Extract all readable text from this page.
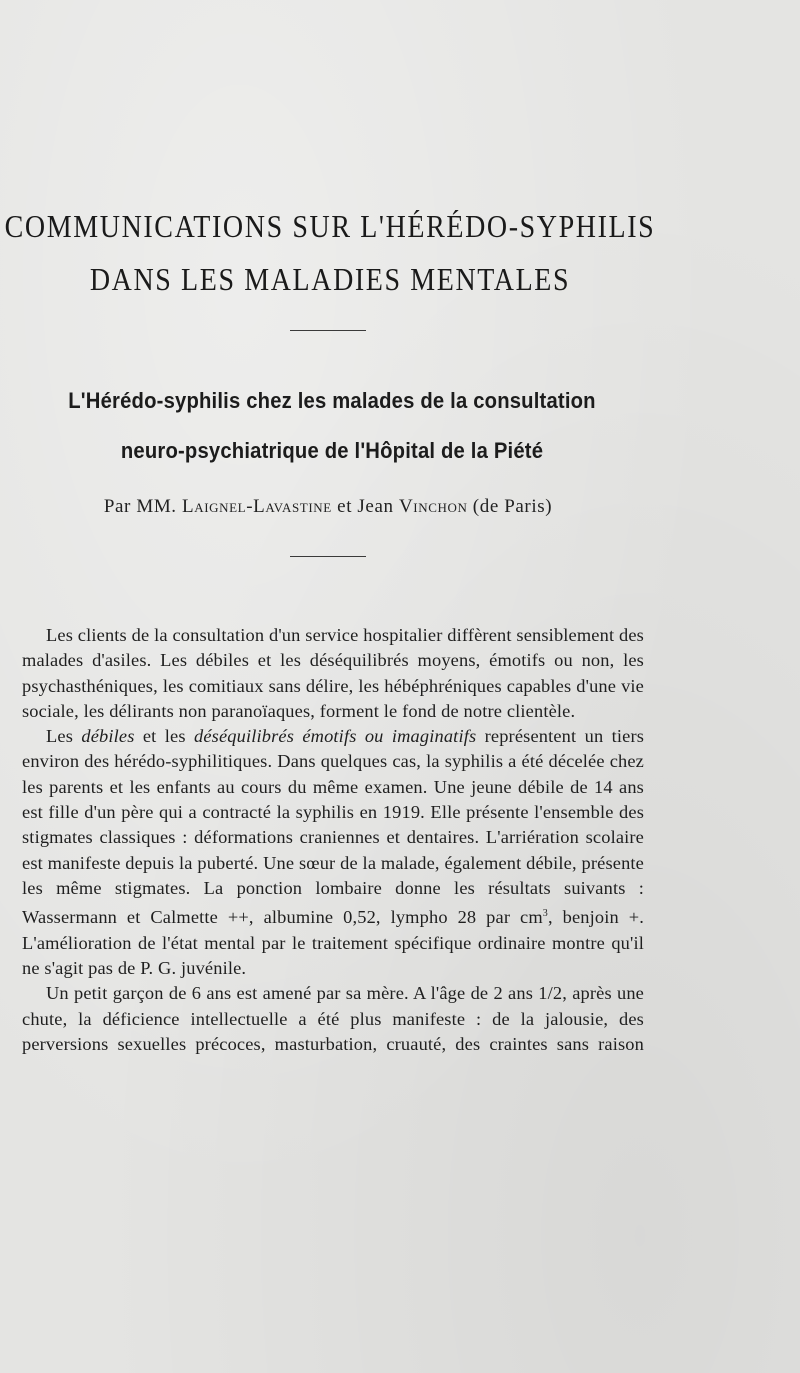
COMMUNICATIONS SUR L'HÉRÉDO-SYPHILIS
DANS LES MALADIES MENTALES
L'Hérédo-syphilis chez les malades de la consultation
neuro-psychiatrique de l'Hôpital de la Piété
Par MM. Laignel-Lavastine et Jean Vinchon (de Paris)

Les clients de la consultation d'un service hospitalier diffèrent sensiblement des malades d'asiles. Les débiles et les déséquilibrés moyens, émotifs ou non, les psychasthéniques, les comitiaux sans délire, les hébéphréniques capables d'une vie sociale, les délirants non paranoïaques, forment le fond de notre clientèle.

Les débiles et les déséquilibrés émotifs ou imaginatifs représentent un tiers environ des hérédo-syphilitiques. Dans quelques cas, la syphilis a été décelée chez les parents et les enfants au cours du même examen. Une jeune débile de 14 ans est fille d'un père qui a contracté la syphilis en 1919. Elle présente l'ensemble des stigmates classiques : déformations craniennes et dentaires. L'arriération scolaire est manifeste depuis la puberté. Une sœur de la malade, également débile, présente les même stigmates. La ponction lombaire donne les résultats suivants : Wassermann et Calmette ++, albumine 0,52, lympho 28 par $cm^3$, benjoin +. L'amélioration de l'état mental par le traitement spécifique ordinaire montre qu'il ne s'agit pas de P. G. juvénile.

Un petit garçon de 6 ans est amené par sa mère. A l'âge de 2 ans 1/2, après une chute, la déficience intellectuelle a été plus manifeste : de la jalousie, des perversions sexuelles précoces, masturbation, cruauté, des craintes sans raison
